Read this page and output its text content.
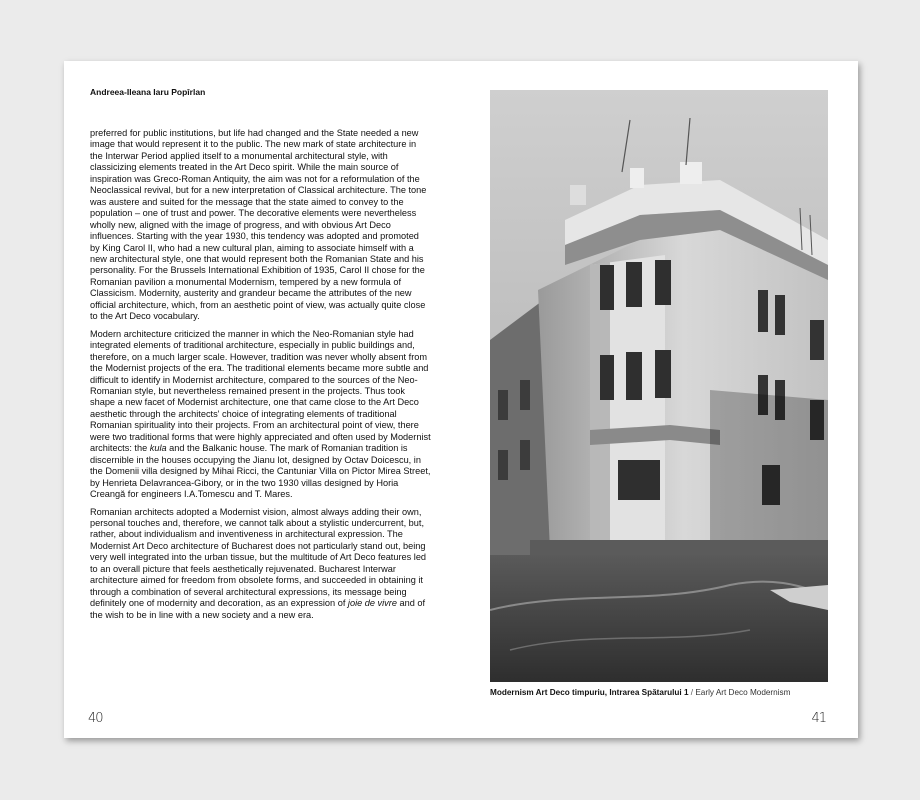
Andreea-Ileana Iaru Popîrlan

preferred for public institutions, but life had changed and the State needed a new image that would represent it to the public. The new mark of state architecture in the Interwar Period applied itself to a monumental architectural style, with classicizing elements treated in the Art Deco spirit. While the main source of inspiration was Greco-Roman Antiquity, the aim was not for a reformulation of the Neoclassical revival, but for a new interpretation of Classical architecture. The tone was austere and suited for the message that the state aimed to convey to the population – one of trust and power. The decorative elements were nevertheless wholly new, aligned with the image of progress, and with obvious Art Deco influences. Starting with the year 1930, this tendency was adopted and promoted by King Carol II, who had a new cultural plan, aiming to associate himself with a new architectural style, one that would represent both the Romanian State and his personality. For the Brussels International Exhibition of 1935, Carol II chose for the Romanian pavilion a monumental Modernism, tempered by a new formula of Classicism. Modernity, austerity and grandeur became the attributes of the new official architecture, which, from an aesthetic point of view, was actually quite close to the Art Deco vocabulary.

Modern architecture criticized the manner in which the Neo-Romanian style had integrated elements of traditional architecture, especially in public buildings and, therefore, on a much larger scale. However, tradition was never wholly absent from the Modernist projects of the era. The traditional elements became more subtle and difficult to identify in Modernist architecture, compared to the sources of the Neo-Romanian style, but nevertheless remained present in the projects. Thus took shape a new facet of Modernist architecture, one that came close to the Art Deco aesthetic through the architects' choice of integrating elements of traditional Romanian spirituality into their projects. From an architectural point of view, there were two traditional forms that were highly appreciated and often used by Modernist architects: the kula and the Balkanic house. The mark of Romanian tradition is discernible in the houses occupying the Jianu lot, designed by Octav Doicescu, in the Domenii villa designed by Mihai Ricci, the Cantuniar Villa on Pictor Mirea Street, by Henrieta Delavrancea-Gibory, or in the two 1930 villas designed by Horia Creangă for engineers I.A.Tomescu and T. Mares.

Romanian architects adopted a Modernist vision, almost always adding their own, personal touches and, therefore, we cannot talk about a stylistic undercurrent, but, rather, about individualism and inventiveness in architectural expression. The Modernist Art Deco architecture of Bucharest does not particularly stand out, being very well integrated into the urban tissue, but the multitude of Art Deco features led to an overall picture that feels aesthetically rejuvenated. Bucharest Interwar architecture aimed for freedom from obsolete forms, and succeeded in obtaining it through a combination of several architectural expressions, its message being definitely one of modernity and decoration, as an expression of joie de vivre and of the wish to be in line with a new society and a new era.

40
Modernism Art Deco timpuriu, Intrarea Spătarului 1 / Early Art Deco Modernism
41
